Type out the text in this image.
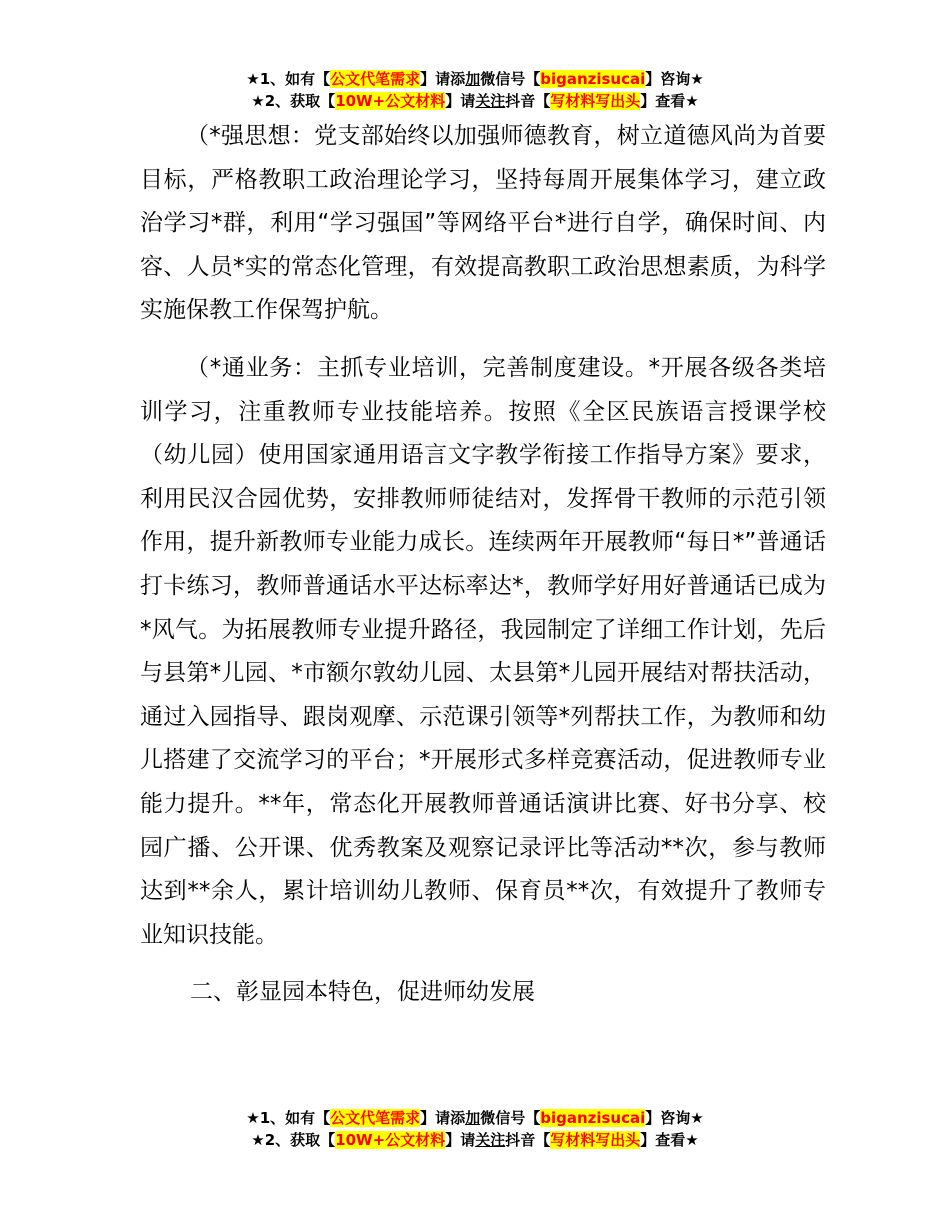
★1、如有【公文代笔需求】请添加微信号【biganzisucai】咨询★
★2、获取【10W+公文材料】请关注抖音【写材料写出头】查看★

（*强思想：党支部始终以加强师德教育，树立道德风尚为首要目标，严格教职工政治理论学习，坚持每周开展集体学习，建立政治学习*群，利用“学习强国”等网络平台*进行自学，确保时间、内容、人员*实的常态化管理，有效提高教职工政治思想素质，为科学实施保教工作保驾护航。

（*通业务：主抓专业培训，完善制度建设。*开展各级各类培训学习，注重教师专业技能培养。按照《全区民族语言授课学校（幼儿园）使用国家通用语言文字教学衔接工作指导方案》要求，利用民汉合园优势，安排教师师徒结对，发挥骨干教师的示范引领作用，提升新教师专业能力成长。连续两年开展教师“每日*”普通话打卡练习，教师普通话水平达标率达*，教师学好用好普通话已成为*风气。为拓展教师专业提升路径，我园制定了详细工作计划，先后与县第*儿园、*市额尔敦幼儿园、太县第*儿园开展结对帮扶活动，通过入园指导、跟岗观摩、示范课引领等*列帮扶工作，为教师和幼儿搭建了交流学习的平台；*开展形式多样竞赛活动，促进教师专业能力提升。**年，常态化开展教师普通话演讲比赛、好书分享、校园广播、公开课、优秀教案及观察记录评比等活动**次，参与教师达到**余人，累计培训幼儿教师、保育员**次，有效提升了教师专业知识技能。

二、彰显园本特色，促进师幼发展

★1、如有【公文代笔需求】请添加微信号【biganzisucai】咨询★
★2、获取【10W+公文材料】请关注抖音【写材料写出头】查看★
